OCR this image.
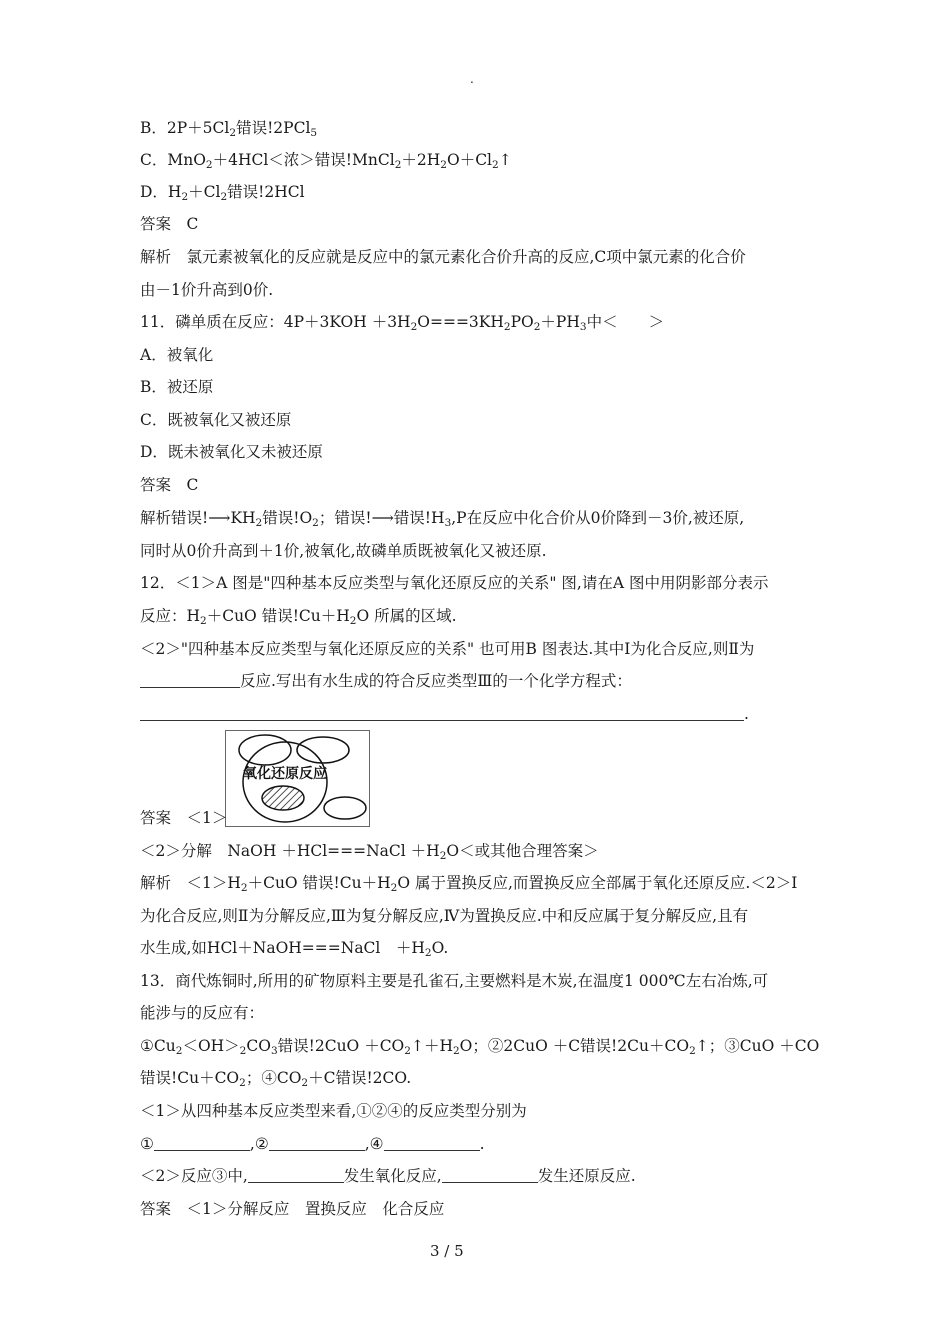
.
B．$2P+5Cl_2$错误!2PCl$_5$
C．MnO$_2$＋4HCl＜浓＞错误$!MnCl_2+2H_2O+Cl_2↑$
D．$H_2+Cl_2$错误!2HCl
答案　C
解析　氯元素被氧化的反应就是反应中的氯元素化合价升高的反应,C项中氯元素的化合价
由－1价升高到0价.
11．磷单质在反应：$4P+3KOH +3H_2O===3KH_2PO_2+PH_3$中＜　　＞
A．被氧化
B．被还原
C．既被氧化又被还原
D．既未被氧化又未被还原
答案　C
解析错误$!⟶KH_2$错误$!O_2$；错误!⟶错误$!H_3,P$在反应中化合价从0价降到－3价,被还原,
同时从0价升高到＋1价,被氧化,故磷单质既被氧化又被还原.
12．＜1＞A 图是"四种基本反应类型与氧化还原反应的关系" 图,请在A 图中用阴影部分表示
反应：$H_2+CuO$ 错误$!Cu+H_2O$ 所属的区域.
＜2＞"四种基本反应类型与氧化还原反应的关系" 也可用B 图表达.其中Ⅰ为化合反应,则Ⅱ为
反应.写出有水生成的符合反应类型Ⅲ的一个化学方程式：
.
氧化还原反应
答案　＜1＞
＜2＞分解　NaOH ＋HCl===NaCl $+H_2O<$或其他合理答案＞
解析　$<1>H_2+CuO$ 错误$!Cu+H_2O$ 属于置换反应,而置换反应全部属于氧化还原反应.＜2＞Ⅰ
为化合反应,则Ⅱ为分解反应,Ⅲ为复分解反应,Ⅳ为置换反应.中和反应属于复分解反应,且有
水生成,如HCl＋NaOH===NaCl　$+H_2O$.
13．商代炼铜时,所用的矿物原料主要是孔雀石,主要燃料是木炭,在温度1 000℃左右冶炼,可
能涉与的反应有：
$①Cu_2<OH>_2CO_3$错误$!2CuO +CO_2↑+H_2O$；②2CuO ＋C错误$!2Cu+CO_2↑$；③CuO ＋CO
错误$!Cu+CO_2$；$④CO_2+C$错误!2CO.
＜1＞从四种基本反应类型来看,①②④的反应类型分别为
①	,②	,④	.
＜2＞反应③中,	发生氧化反应,	发生还原反应.
答案　＜1＞分解反应　置换反应　化合反应
3 / 5
